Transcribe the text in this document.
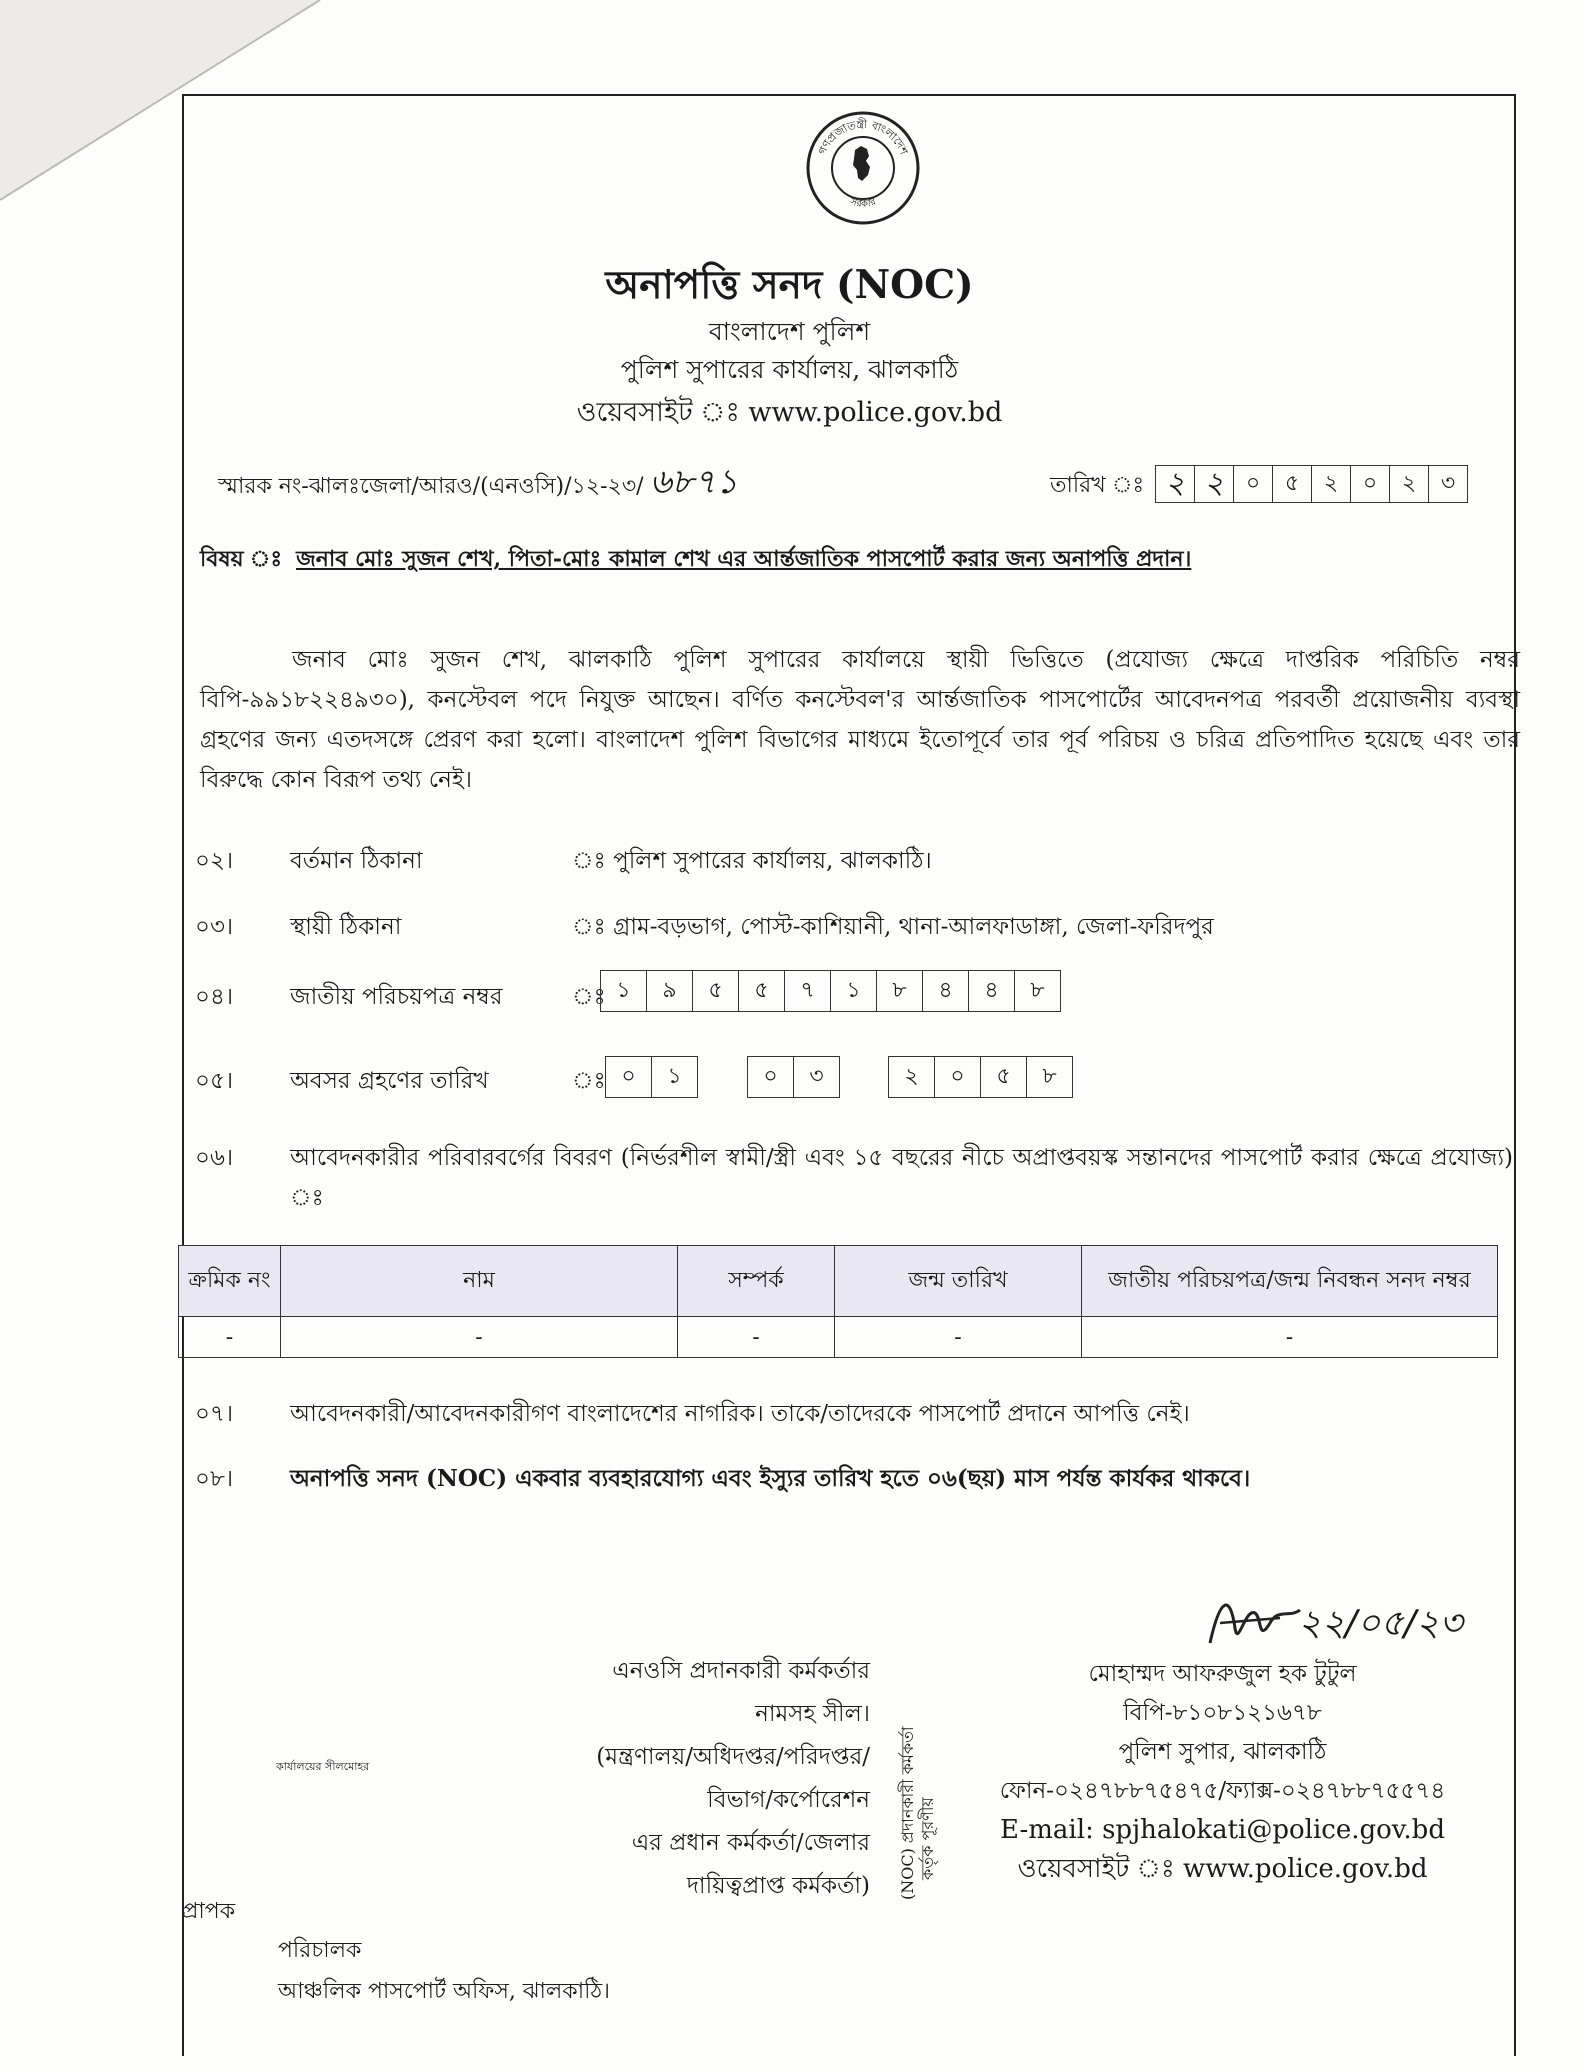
গণপ্রজাতন্ত্রী বাংলাদেশ
সরকার
অনাপত্তি সনদ (NOC)
বাংলাদেশ পুলিশ
পুলিশ সুপারের কার্যালয়, ঝালকাঠি
ওয়েবসাইট ঃ www.police.gov.bd
স্মারক নং-ঝালঃজেলা/আরও/(এনওসি)/১২-২৩/ ৬৮৭১	তারিখ ঃ ২ ২	০	৫	২	০	২	৩
বিষয় ঃ জনাব মোঃ সুজন শেখ, পিতা-মোঃ কামাল শেখ এর আর্ন্তজাতিক পাসপোর্ট করার জন্য অনাপত্তি প্রদান।
জনাব মোঃ সুজন শেখ, ঝালকাঠি পুলিশ সুপারের কার্যালয়ে স্থায়ী ভিত্তিতে (প্রযোজ্য ক্ষেত্রে দাপ্তরিক পরিচিতি নম্বর বিপি-৯৯১৮২২৪৯৩০), কনস্টেবল পদে নিযুক্ত আছেন। বর্ণিত কনস্টেবল'র আর্ন্তজাতিক পাসপোর্টের আবেদনপত্র পরবর্তী প্রয়োজনীয় ব্যবস্থা গ্রহণের জন্য এতদসঙ্গে প্রেরণ করা হলো। বাংলাদেশ পুলিশ বিভাগের মাধ্যমে ইতোপূর্বে তার পূর্ব পরিচয় ও চরিত্র প্রতিপাদিত হয়েছে এবং তার বিরুদ্ধে কোন বিরূপ তথ্য নেই।
০২। বর্তমান ঠিকানা	ঃ পুলিশ সুপারের কার্যালয়, ঝালকাঠি।
০৩। স্থায়ী ঠিকানা	ঃ গ্রাম-বড়ভাগ, পোস্ট-কাশিয়ানী, থানা-আলফাডাঙ্গা, জেলা-ফরিদপুর
০৪। জাতীয় পরিচয়পত্র নম্বর	ঃ ১	৯	৫	৫	৭	১	৮	৪	৪	৮
০৫। অবসর গ্রহণের তারিখ	ঃ ০	১	০	৩	২	০	৫	৮
০৬।	আবেদনকারীর পরিবারবর্গের বিবরণ (নির্ভরশীল স্বামী/স্ত্রী এবং ১৫ বছরের নীচে অপ্রাপ্তবয়স্ক সন্তানদের পাসপোর্ট করার ক্ষেত্রে প্রযোজ্য) ঃ
ক্রমিক নং	নাম	সম্পর্ক	জন্ম তারিখ	জাতীয় পরিচয়পত্র/জন্ম নিবন্ধন সনদ নম্বর
-	-	-	-	-
০৭। আবেদনকারী/আবেদনকারীগণ বাংলাদেশের নাগরিক। তাকে/তাদেরকে পাসপোর্ট প্রদানে আপত্তি নেই।
০৮। অনাপত্তি সনদ (NOC) একবার ব্যবহারযোগ্য এবং ইস্যুর তারিখ হতে ০৬(ছয়) মাস পর্যন্ত কার্যকর থাকবে।
এনওসি প্রদানকারী কর্মকর্তার
নামসহ সীল।
(মন্ত্রণালয়/অধিদপ্তর/পরিদপ্তর/
বিভাগ/কর্পোরেশন
এর প্রধান কর্মকর্তা/জেলার
দায়িত্বপ্রাপ্ত কর্মকর্তা) (NOC) প্রদানকারী কর্মকর্তা কর্তৃক পূরণীয়
কার্যালয়ের সীলমোহর
২২/০৫/২৩
মোহাম্মদ আফরুজুল হক টুটুল
বিপি-৮১০৮১২১৬৭৮
পুলিশ সুপার, ঝালকাঠি
ফোন-০২৪৭৮৮৭৫৪৭৫/ফ্যাক্স-০২৪৭৮৮৭৫৫৭৪
E-mail: spjhalokati@police.gov.bd
ওয়েবসাইট ঃ www.police.gov.bd
প্রাপক
পরিচালক
আঞ্চলিক পাসপোর্ট অফিস, ঝালকাঠি।
